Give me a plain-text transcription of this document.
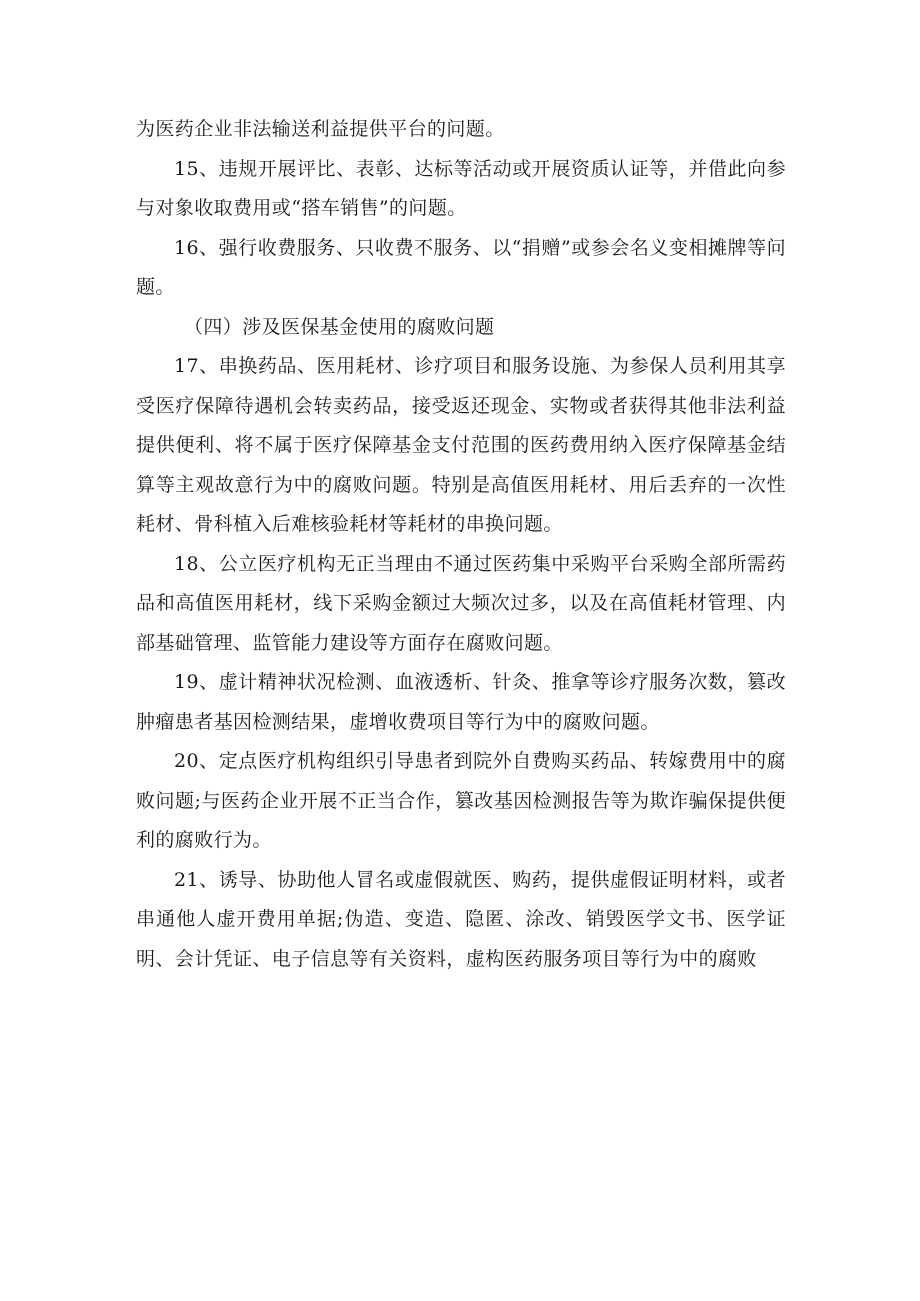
为医药企业非法输送利益提供平台的问题。

15、违规开展评比、表彰、达标等活动或开展资质认证等，并借此向参与对象收取费用或“搭车销售”的问题。

16、强行收费服务、只收费不服务、以“捐赠”或参会名义变相摊牌等问题。

（四）涉及医保基金使用的腐败问题

17、串换药品、医用耗材、诊疗项目和服务设施、为参保人员利用其享受医疗保障待遇机会转卖药品，接受返还现金、实物或者获得其他非法利益提供便利、将不属于医疗保障基金支付范围的医药费用纳入医疗保障基金结算等主观故意行为中的腐败问题。特别是高值医用耗材、用后丢弃的一次性耗材、骨科植入后难核验耗材等耗材的串换问题。

18、公立医疗机构无正当理由不通过医药集中采购平台采购全部所需药品和高值医用耗材，线下采购金额过大频次过多，以及在高值耗材管理、内部基础管理、监管能力建设等方面存在腐败问题。

19、虚计精神状况检测、血液透析、针灸、推拿等诊疗服务次数，篡改肿瘤患者基因检测结果，虚增收费项目等行为中的腐败问题。

20、定点医疗机构组织引导患者到院外自费购买药品、转嫁费用中的腐败问题;与医药企业开展不正当合作，篡改基因检测报告等为欺诈骗保提供便利的腐败行为。

21、诱导、协助他人冒名或虚假就医、购药，提供虚假证明材料，或者串通他人虚开费用单据;伪造、变造、隐匿、涂改、销毁医学文书、医学证明、会计凭证、电子信息等有关资料，虚构医药服务项目等行为中的腐败
